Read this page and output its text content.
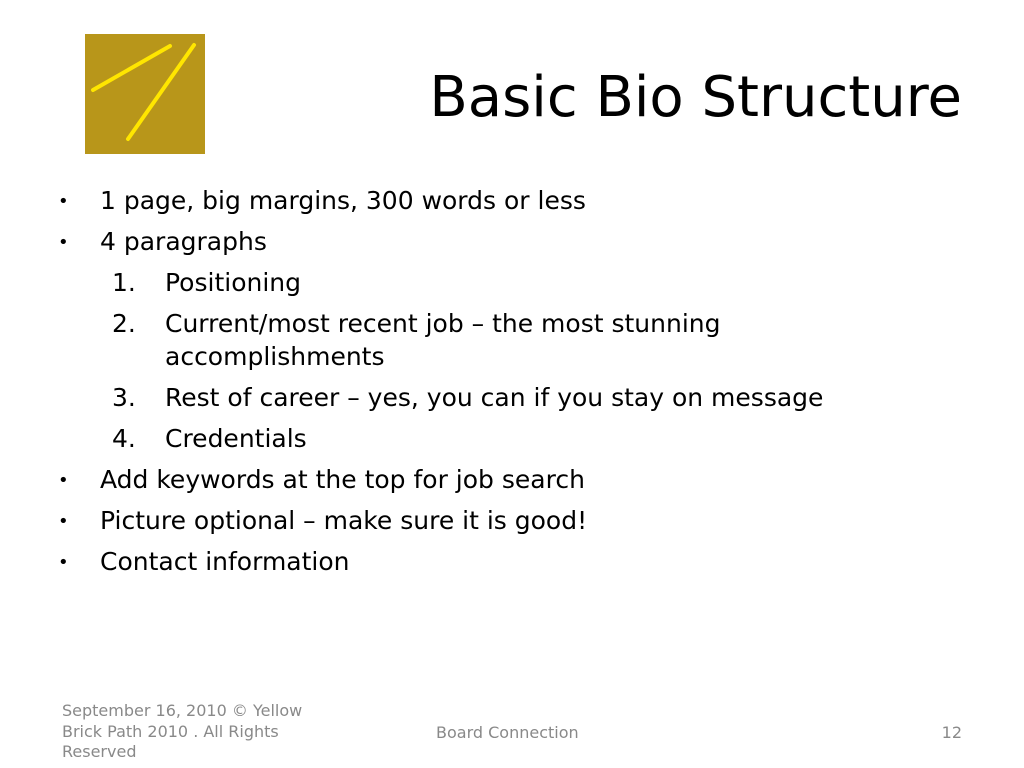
Basic Bio Structure
•	1 page, big margins, 300 words or less
•	4 paragraphs
1. Positioning
2. Current/most recent job – the most stunning accomplishments
3. Rest of career – yes, you can if you stay on message
4. Credentials
•	Add keywords at the top for job search
•	Picture optional – make sure it is good!
•	Contact information
September 16, 2010 © Yellow Brick Path 2010 . All Rights Reserved
Board Connection	12
